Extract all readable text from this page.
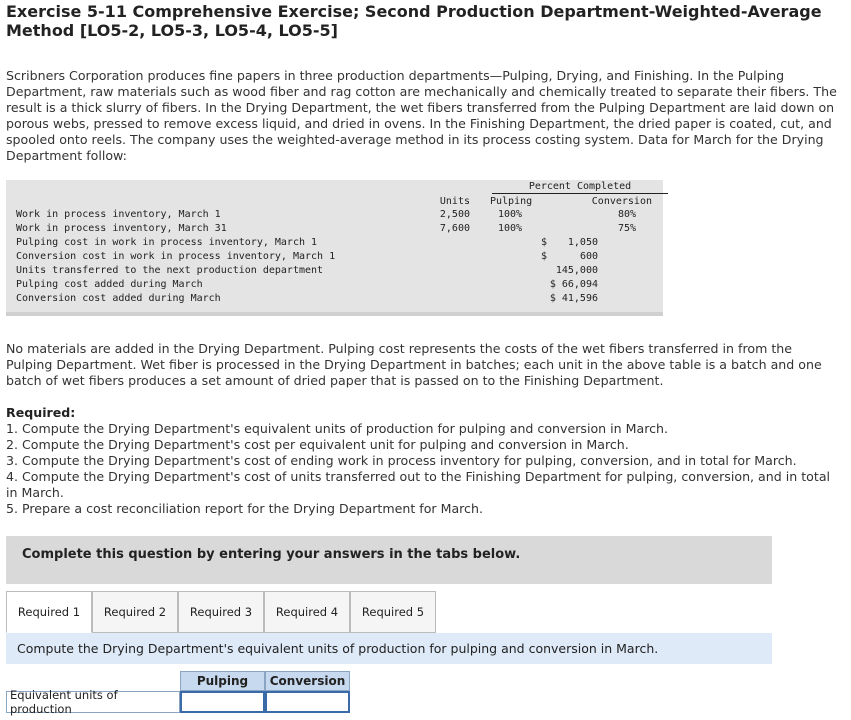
Exercise 5-11 Comprehensive Exercise; Second Production Department-Weighted-Average Method [LO5-2, LO5-3, LO5-4, LO5-5]
Scribners Corporation produces fine papers in three production departments—Pulping, Drying, and Finishing. In the Pulping Department, raw materials such as wood fiber and rag cotton are mechanically and chemically treated to separate their fibers. The result is a thick slurry of fibers. In the Drying Department, the wet fibers transferred from the Pulping Department are laid down on porous webs, pressed to remove excess liquid, and dried in ovens. In the Finishing Department, the dried paper is coated, cut, and spooled onto reels. The company uses the weighted-average method in its process costing system. Data for March for the Drying Department follow:
Percent Completed
Units Pulping	Conversion
Work in process inventory, March 1	2,500	100%	80%
Work in process inventory, March 31	7,600	100%	75%
Pulping cost in work in process inventory, March 1	$	1,050
Conversion cost in work in process inventory, March 1	$	600
Units transferred to the next production department	145,000
Pulping cost added during March	$ 66,094
Conversion cost added during March	$ 41,596
No materials are added in the Drying Department. Pulping cost represents the costs of the wet fibers transferred in from the Pulping Department. Wet fiber is processed in the Drying Department in batches; each unit in the above table is a batch and one batch of wet fibers produces a set amount of dried paper that is passed on to the Finishing Department.
Required:
1. Compute the Drying Department's equivalent units of production for pulping and conversion in March.
2. Compute the Drying Department's cost per equivalent unit for pulping and conversion in March.
3. Compute the Drying Department's cost of ending work in process inventory for pulping, conversion, and in total for March.
4. Compute the Drying Department's cost of units transferred out to the Finishing Department for pulping, conversion, and in total in March.
5. Prepare a cost reconciliation report for the Drying Department for March.
Complete this question by entering your answers in the tabs below.
Required 1	Required 2	Required 3	Required 4	Required 5
Compute the Drying Department's equivalent units of production for pulping and conversion in March.
Pulping	Conversion
Equivalent units of production
